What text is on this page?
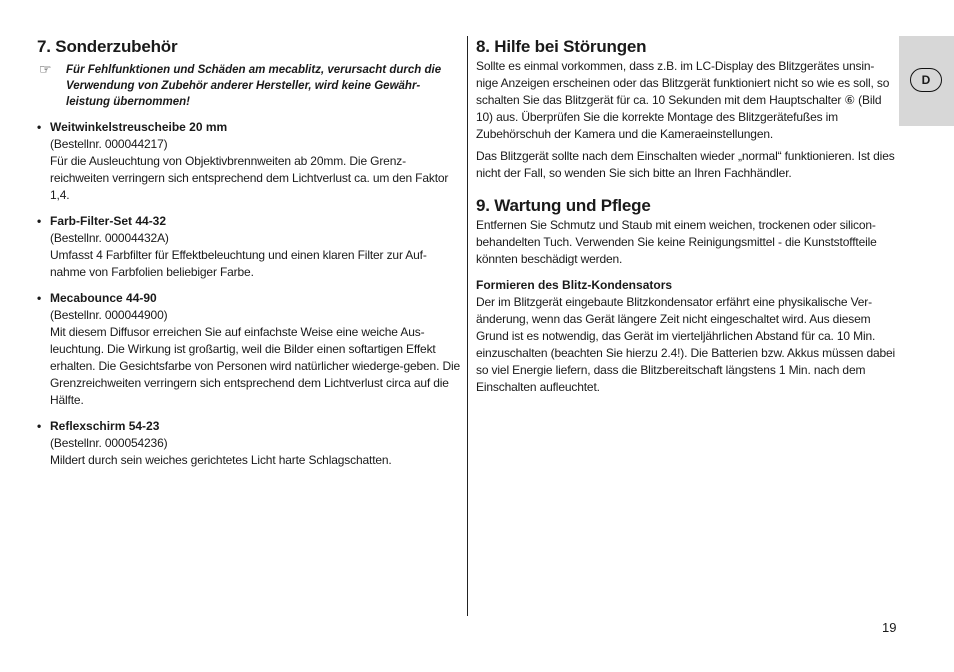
7. Sonderzubehör
☞ Für Fehlfunktionen und Schäden am mecablitz, verursacht durch die Verwendung von Zubehör anderer Hersteller, wird keine Gewähr-leistung übernommen!
• Weitwinkelstreuscheibe 20 mm

(Bestellnr. 000044217)

Für die Ausleuchtung von Objektivbrennweiten ab 20mm. Die Grenz-reichweiten verringern sich entsprechend dem Lichtverlust ca. um den Faktor 1,4.

• Farb-Filter-Set 44-32

(Bestellnr. 00004432A)

Umfasst 4 Farbfilter für Effektbeleuchtung und einen klaren Filter zur Auf-nahme von Farbfolien beliebiger Farbe.

• Mecabounce 44-90

(Bestellnr. 000044900)

Mit diesem Diffusor erreichen Sie auf einfachste Weise eine weiche Aus-leuchtung. Die Wirkung ist großartig, weil die Bilder einen softartigen Effekt erhalten. Die Gesichtsfarbe von Personen wird natürlicher wiederge-geben. Die Grenzreichweiten verringern sich entsprechend dem Lichtverlust circa auf die Hälfte.

• Reflexschirm 54-23

(Bestellnr. 000054236)

Mildert durch sein weiches gerichtetes Licht harte Schlagschatten.

8. Hilfe bei Störungen

Sollte es einmal vorkommen, dass z.B. im LC-Display des Blitzgerätes unsin-nige Anzeigen erscheinen oder das Blitzgerät funktioniert nicht so wie es soll, so schalten Sie das Blitzgerät für ca. 10 Sekunden mit dem Hauptschalter ⑥ (Bild 10) aus. Überprüfen Sie die korrekte Montage des Blitzgerätefußes im Zubehörschuh der Kamera und die Kameraeinstellungen.

Das Blitzgerät sollte nach dem Einschalten wieder „normal“ funktionieren. Ist dies nicht der Fall, so wenden Sie sich bitte an Ihren Fachhändler.

9. Wartung und Pflege

Entfernen Sie Schmutz und Staub mit einem weichen, trockenen oder silicon-behandelten Tuch. Verwenden Sie keine Reinigungsmittel - die Kunststoffteile könnten beschädigt werden.

Formieren des Blitz-Kondensators

Der im Blitzgerät eingebaute Blitzkondensator erfährt eine physikalische Ver-änderung, wenn das Gerät längere Zeit nicht eingeschaltet wird. Aus diesem Grund ist es notwendig, das Gerät im vierteljährlichen Abstand für ca. 10 Min. einzuschalten (beachten Sie hierzu 2.4!). Die Batterien bzw. Akkus müssen dabei so viel Energie liefern, dass die Blitzbereitschaft längstens 1 Min. nach dem Einschalten aufleuchtet.

D
19
